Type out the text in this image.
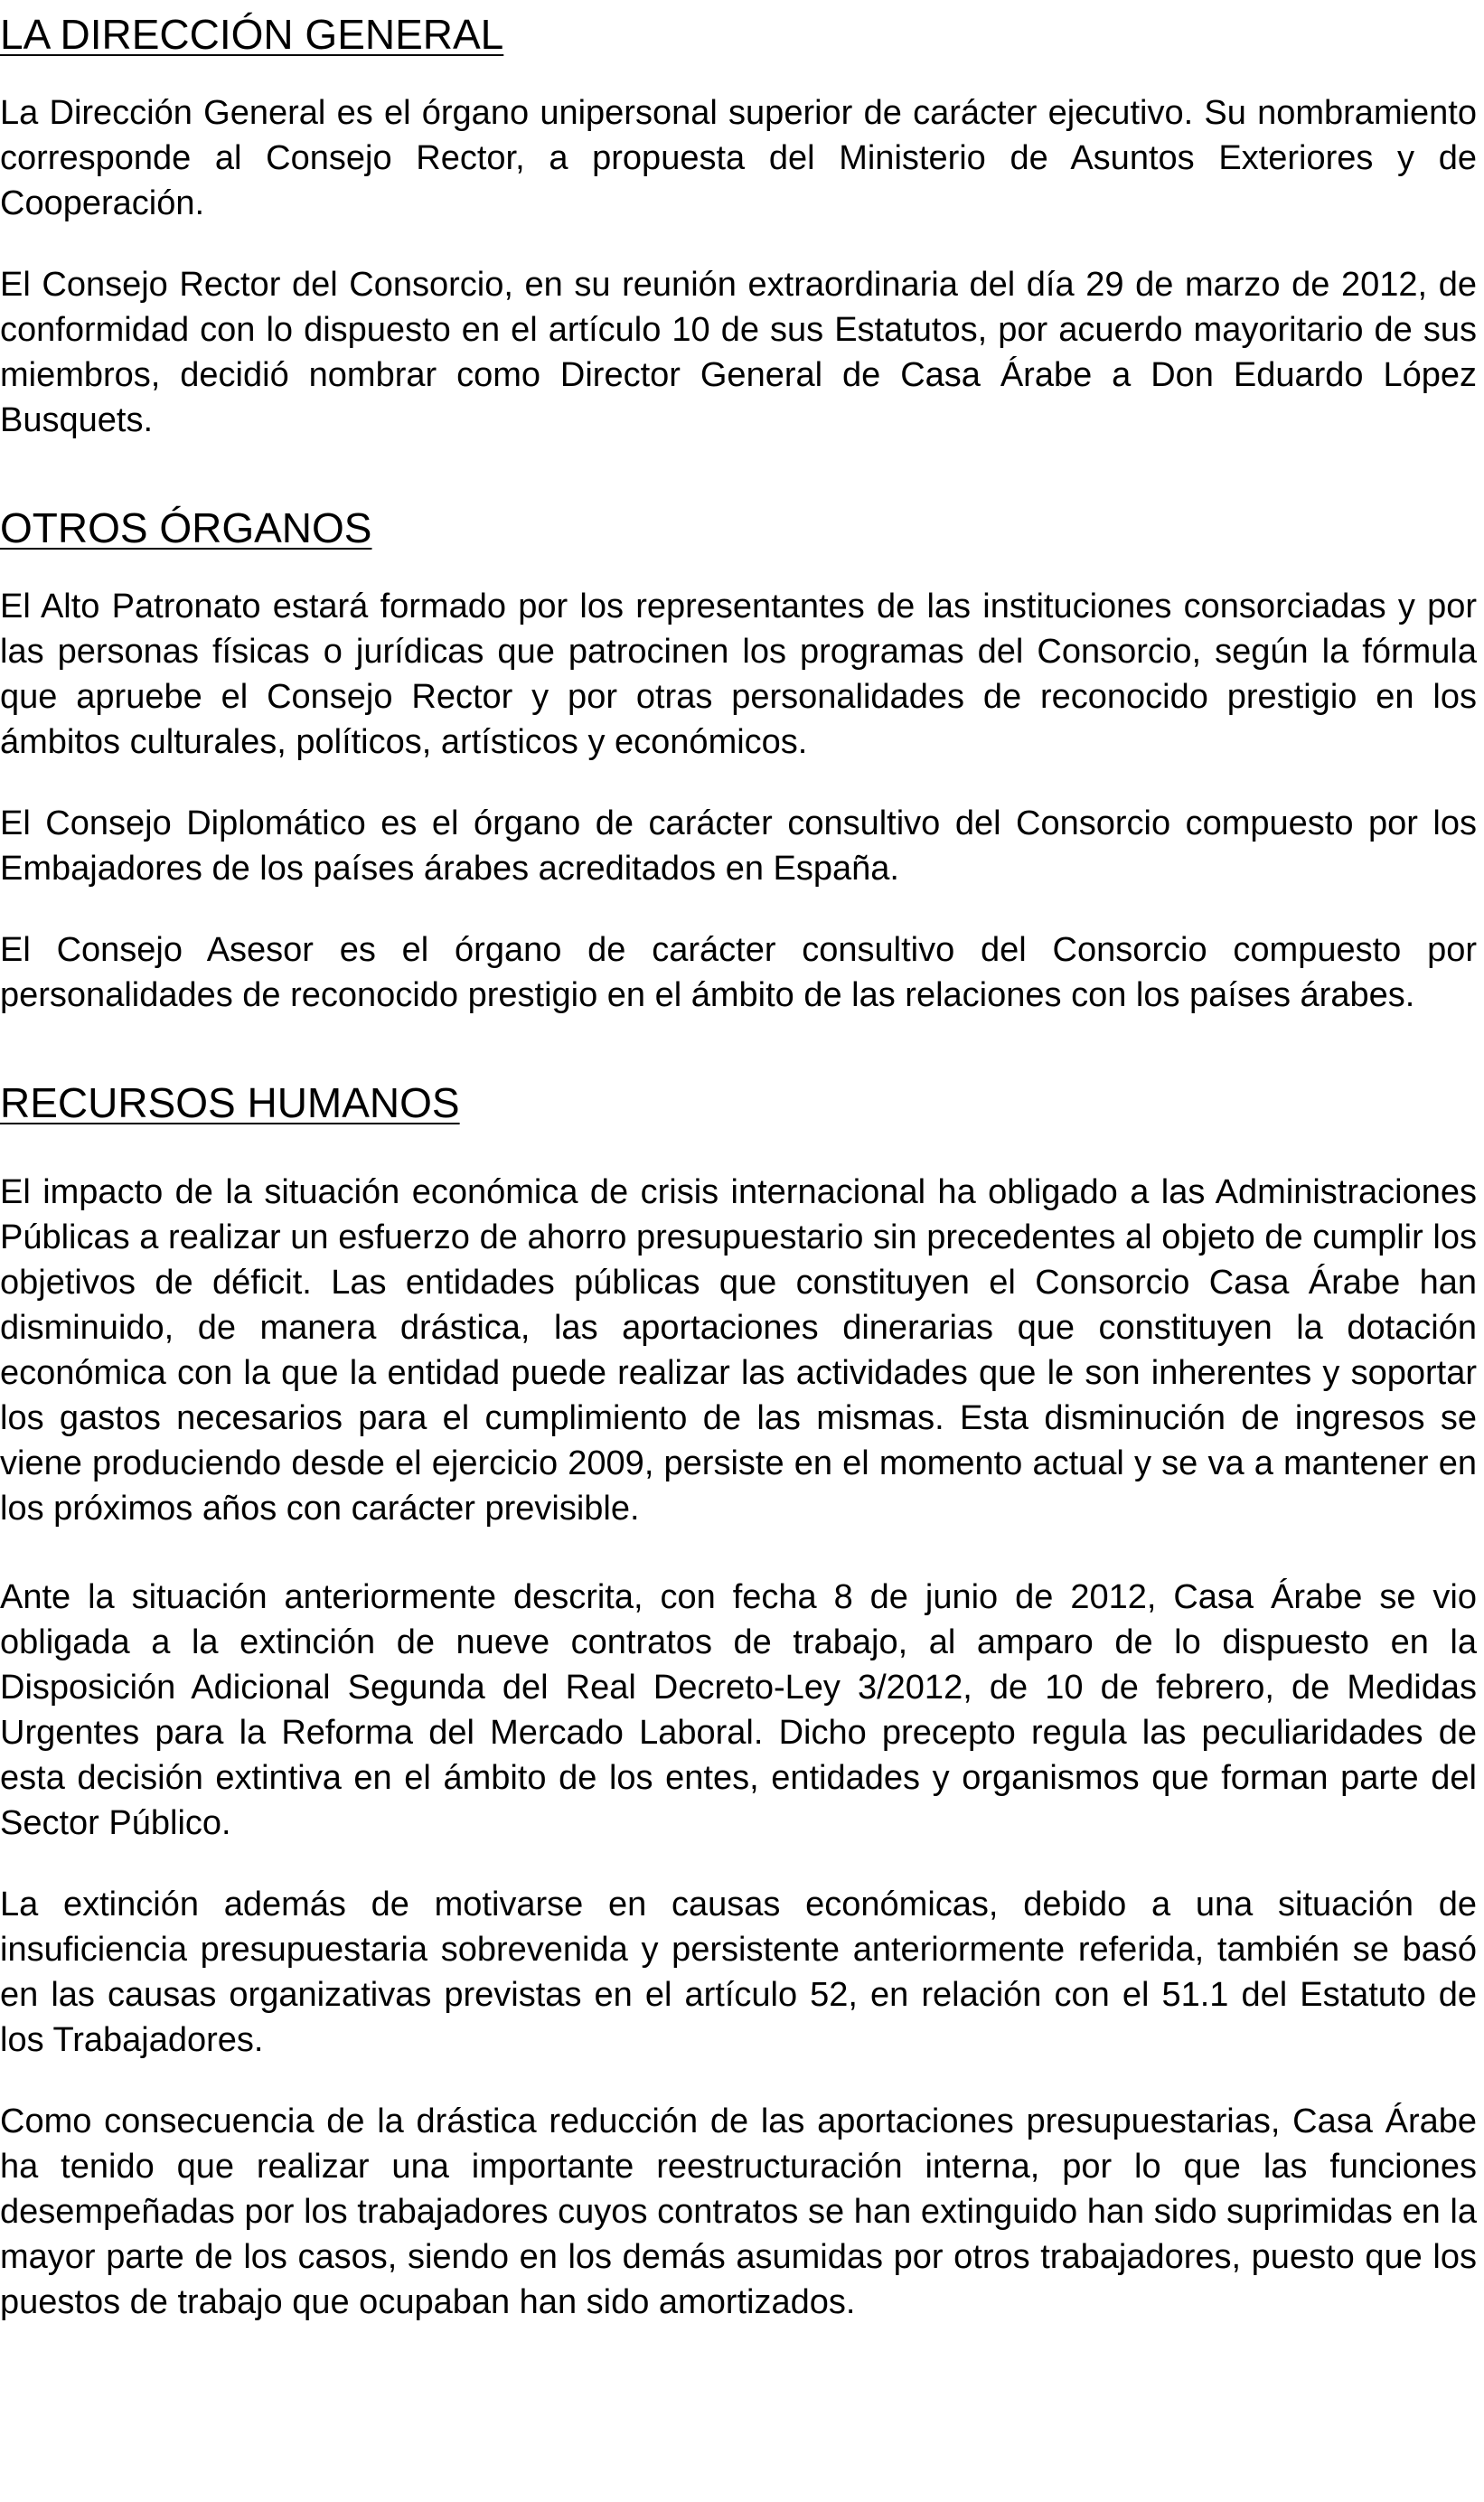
LA DIRECCIÓN GENERAL

La Dirección General es el órgano unipersonal superior de carácter ejecutivo. Su nombramiento corresponde al Consejo Rector, a propuesta del Ministerio de Asuntos Exteriores y de Cooperación.

El Consejo Rector del Consorcio, en su reunión extraordinaria del día 29 de marzo de 2012, de conformidad con lo dispuesto en el artículo 10 de sus Estatutos, por acuerdo mayoritario de sus miembros, decidió nombrar como Director General de Casa Árabe a Don Eduardo López Busquets.

OTROS ÓRGANOS

El Alto Patronato estará formado por los representantes de las instituciones consorciadas y por las personas físicas o jurídicas que patrocinen los programas del Consorcio, según la fórmula que apruebe el Consejo Rector y por otras personalidades de reconocido prestigio en los ámbitos culturales, políticos, artísticos y económicos.

El Consejo Diplomático es el órgano de carácter consultivo del Consorcio compuesto por los Embajadores de los países árabes acreditados en España.

El Consejo Asesor es el órgano de carácter consultivo del Consorcio compuesto por personalidades de reconocido prestigio en el ámbito de las relaciones con los países árabes.

RECURSOS HUMANOS

El impacto de la situación económica de crisis internacional ha obligado a las Administraciones Públicas a realizar un esfuerzo de ahorro presupuestario sin precedentes al objeto de cumplir los objetivos de déficit. Las entidades públicas que constituyen el Consorcio Casa Árabe han disminuido, de manera drástica, las aportaciones dinerarias que constituyen la dotación económica con la que la entidad puede realizar las actividades que le son inherentes y soportar los gastos necesarios para el cumplimiento de las mismas. Esta disminución de ingresos se viene produciendo desde el ejercicio 2009, persiste en el momento actual y se va a mantener en los próximos años con carácter previsible.

Ante la situación anteriormente descrita, con fecha 8 de junio de 2012, Casa Árabe se vio obligada a la extinción de nueve contratos de trabajo, al amparo de lo dispuesto en la Disposición Adicional Segunda del Real Decreto-Ley 3/2012, de 10 de febrero, de Medidas Urgentes para la Reforma del Mercado Laboral. Dicho precepto regula las peculiaridades de esta decisión extintiva en el ámbito de los entes, entidades y organismos que forman parte del Sector Público.

La extinción además de motivarse en causas económicas, debido a una situación de insuficiencia presupuestaria sobrevenida y persistente anteriormente referida, también se basó en las causas organizativas previstas en el artículo 52, en relación con el 51.1 del Estatuto de los Trabajadores.

Como consecuencia de la drástica reducción de las aportaciones presupuestarias, Casa Árabe ha tenido que realizar una importante reestructuración interna, por lo que las funciones desempeñadas por los trabajadores cuyos contratos se han extinguido han sido suprimidas en la mayor parte de los casos, siendo en los demás asumidas por otros trabajadores, puesto que los puestos de trabajo que ocupaban han sido amortizados.
